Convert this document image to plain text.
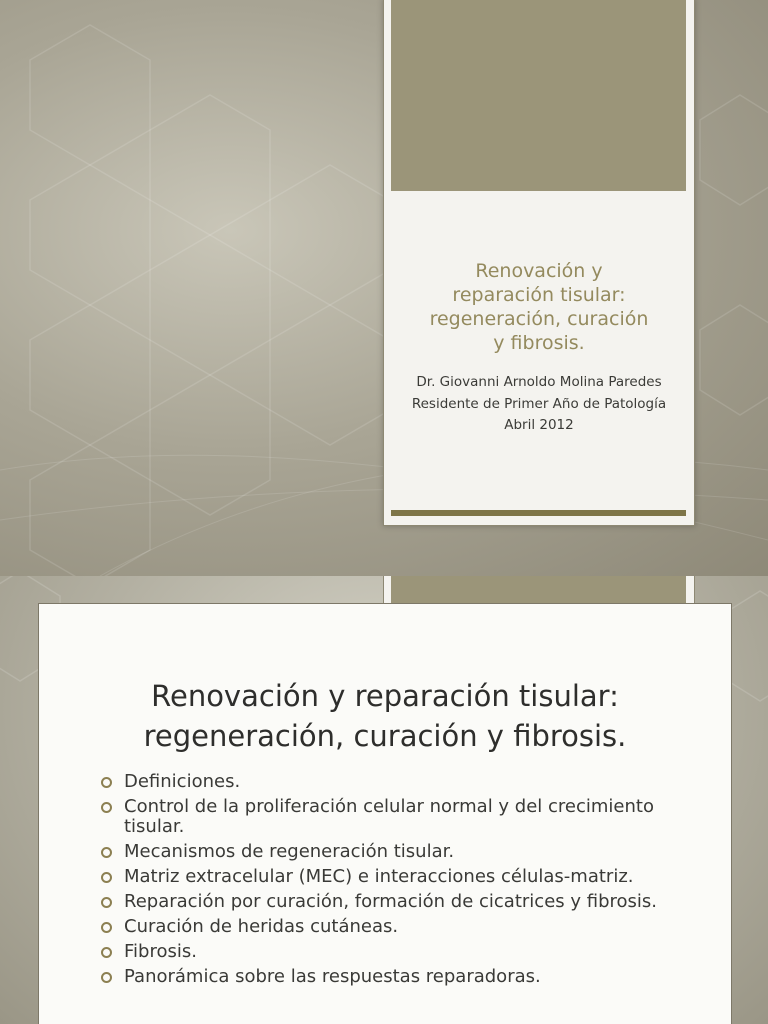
Renovación y
reparación tisular:
regeneración, curación
y fibrosis.
Dr. Giovanni Arnoldo Molina Paredes
Residente de Primer Año de Patología
Abril 2012
Renovación y reparación tisular:
regeneración, curación y fibrosis.
Definiciones.
Control de la proliferación celular normal y del crecimiento tisular.
Mecanismos de regeneración tisular.
Matriz extracelular (MEC) e interacciones células-matriz.
Reparación por curación, formación de cicatrices y fibrosis.
Curación de heridas cutáneas.
Fibrosis.
Panorámica sobre las respuestas reparadoras.
